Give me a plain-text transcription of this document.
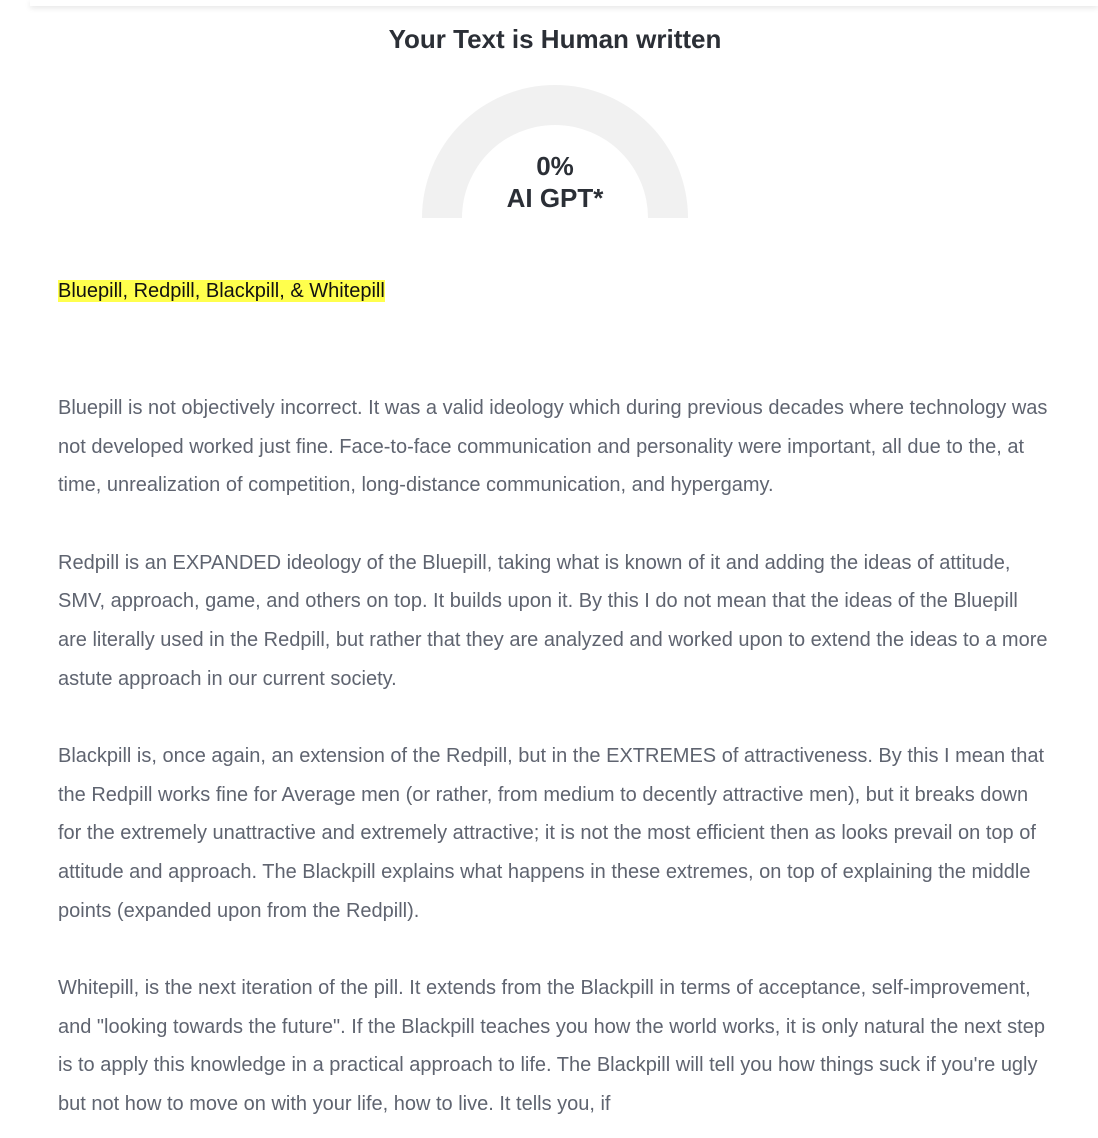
Your Text is Human written
0%
AI GPT*

Bluepill, Redpill, Blackpill, & Whitepill

Bluepill is not objectively incorrect. It was a valid ideology which during previous decades where technology was not developed worked just fine. Face-to-face communication and personality were important, all due to the, at time, unrealization of competition, long-distance communication, and hypergamy.

Redpill is an EXPANDED ideology of the Bluepill, taking what is known of it and adding the ideas of attitude, SMV, approach, game, and others on top. It builds upon it. By this I do not mean that the ideas of the Bluepill are literally used in the Redpill, but rather that they are analyzed and worked upon to extend the ideas to a more astute approach in our current society.

Blackpill is, once again, an extension of the Redpill, but in the EXTREMES of attractiveness. By this I mean that the Redpill works fine for Average men (or rather, from medium to decently attractive men), but it breaks down for the extremely unattractive and extremely attractive; it is not the most efficient then as looks prevail on top of attitude and approach. The Blackpill explains what happens in these extremes, on top of explaining the middle points (expanded upon from the Redpill).

Whitepill, is the next iteration of the pill. It extends from the Blackpill in terms of acceptance, self-improvement, and "looking towards the future". If the Blackpill teaches you how the world works, it is only natural the next step is to apply this knowledge in a practical approach to life. The Blackpill will tell you how things suck if you're ugly but not how to move on with your life, how to live. It tells you, if
